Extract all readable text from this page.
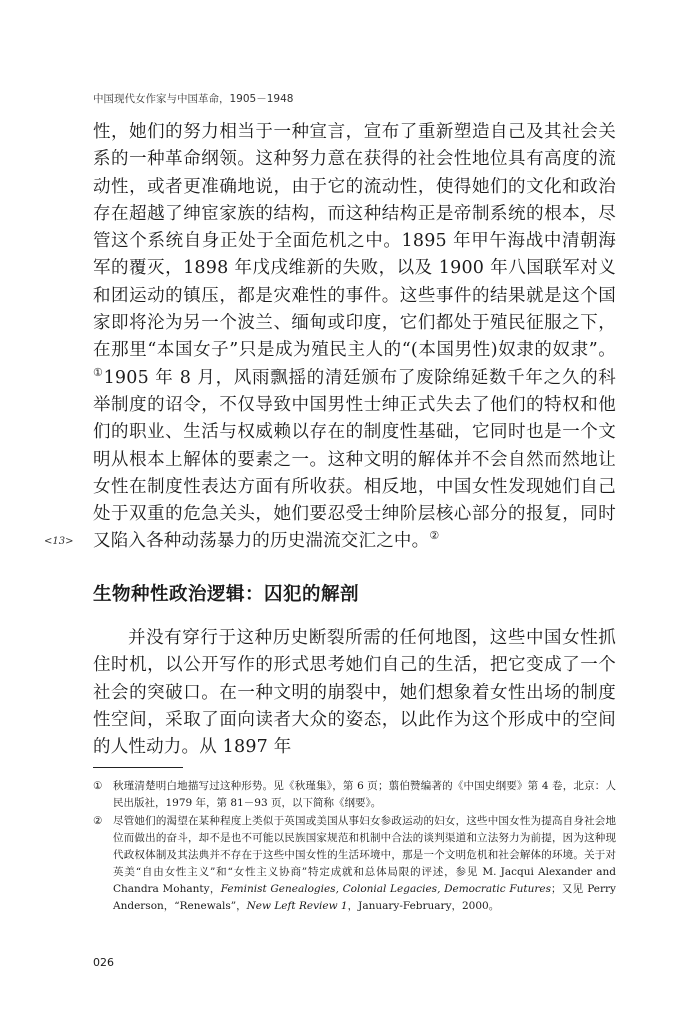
中国现代女作家与中国革命，1905－1948

性，她们的努力相当于一种宣言，宣布了重新塑造自己及其社会关系的一种革命纲领。这种努力意在获得的社会性地位具有高度的流动性，或者更准确地说，由于它的流动性，使得她们的文化和政治存在超越了绅宦家族的结构，而这种结构正是帝制系统的根本，尽管这个系统自身正处于全面危机之中。1895 年甲午海战中清朝海军的覆灭，1898 年戊戌维新的失败，以及 1900 年八国联军对义和团运动的镇压，都是灾难性的事件。这些事件的结果就是这个国家即将沦为另一个波兰、缅甸或印度，它们都处于殖民征服之下，在那里“本国女子”只是成为殖民主人的“(本国男性)奴隶的奴隶”。①1905 年 8 月，风雨飘摇的清廷颁布了废除绵延数千年之久的科举制度的诏令，不仅导致中国男性士绅正式失去了他们的特权和他们的职业、生活与权威赖以存在的制度性基础，它同时也是一个文明从根本上解体的要素之一。这种文明的解体并不会自然而然地让女性在制度性表达方面有所收获。相反地，中国女性发现她们自己处于双重的危急关头，她们要忍受士绅阶层核心部分的报复，同时又陷入各种动荡暴力的历史湍流交汇之中。②

<13>
生物种性政治逻辑：囚犯的解剖

并没有穿行于这种历史断裂所需的任何地图，这些中国女性抓住时机，以公开写作的形式思考她们自己的生活，把它变成了一个社会的突破口。在一种文明的崩裂中，她们想象着女性出场的制度性空间，采取了面向读者大众的姿态，以此作为这个形成中的空间的人性动力。从 1897 年

① 秋瑾清楚明白地描写过这种形势。见《秋瑾集》，第 6 页；翦伯赞编著的《中国史纲要》第 4 卷，北京：人民出版社，1979 年，第 81－93 页，以下简称《纲要》。

② 尽管她们的渴望在某种程度上类似于英国或美国从事妇女参政运动的妇女，这些中国女性为提高自身社会地位而做出的奋斗，却不是也不可能以民族国家规范和机制中合法的谈判渠道和立法努力为前提，因为这种现代政权体制及其法典并不存在于这些中国女性的生活环境中，那是一个文明危机和社会解体的环境。关于对英美“自由女性主义”和“女性主义协商”特定成就和总体局限的评述，参见 M. Jacqui Alexander and Chandra Mohanty，Feminist Genealogies, Colonial Legacies, Democratic Futures；又见 Perry Anderson，“Renewals”，New Left Review 1，January-February，2000。

026
